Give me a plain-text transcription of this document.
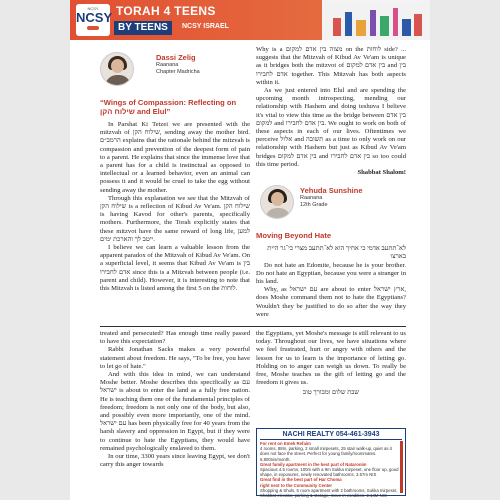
NCSY
NCSY TORAH 4 TEENS
BY TEENS	NCSY ISRAEL
Dassi Zelig
Raanana
Chapter Madricha
“Wings of Compassion: Reflecting on שילוח הקן and Elul”

In Parshat Ki Tetzei we are presented with the mitzvah of שילוח הקן, sending away the mother bird. הרמב״ם explains that the rationale behind the mitzvah is compassion and prevention of the deepest form of pain to a parent. He explains that since the immense love that a parent has for a child is instinctual as opposed to intellectual or a learned behavior, even an animal can possess it and it would be cruel to take the egg without sending away the mother.

Through this explanation we see that the Mitzvah of שילוח הקן is a reflection of Kibud Av Ve'am. שילוח הקן is having Kavod for other's parents, specifically mothers. Furthermore, the Torah explicitly states that these mitzvot have the same reward of long life, למען ייטב לך והארכת ימים.

I believe we can learn a valuable lesson from the apparent paradox of the Mitzvah of Kibud Av Ve'am. On a superficial level, it seems that Kibud Av Ve'am is בין אדם לחבירו since this is a Mitzvah between people (i.e. parent and child). However, it is interesting to note that this Mitzvah is listed among the first 5 on the לוחות.

Why is a מצוה בין אדם למקום on the לוחות side? ... suggests that the Mitzvah of Kibud Av Ve'am is unique as it bridges both the mitzvot of בין אדם למקום and בין אדם לחבירו together. This Mitzvah has both aspects within it.

As we just entered into Elul and are spending the upcoming month introspecting, mending our relationship with Hashem and doing teshuva I believe it's vital to view this time as the bridge between בין אדם למקום and בין אדם לחבירו. We ought to work on both of these aspects in each of our lives. Oftentimes we perceive אלול and תשובה as a time to only work on our relationship with Hashem but just as Kibud Av Ve'am bridges בין אדם למקום and בין אדם לחבירו so too could this time period.

Shabbat Shalom!
Yehuda Sunshine
Raanana
12th Grade
Moving Beyond Hate

לא־תתעב אדמי כי אחיך הוא לא־תתעב מצרי כי־גר היית בארצו

Do not hate an Edomite, because he is your brother. Do not hate an Egyptian, because you were a stranger in his land.

Why, as עם ישראל are about to enter ארץ ישראל, does Moshe command them not to hate the Egyptians? Wouldn't they be justified to do so after the way they were

treated and persecuted? Has enough time really passed to have this expectation?

Rabbi Jonathan Sacks makes a very powerful statement about freedom. He says, "To be free, you have to let go of hate."

And with this idea in mind, we can understand Moshe better. Moshe describes this specifically as עם ישראל is about to enter the land as a fully free nation. He is teaching them one of the fundamental principles of freedom; freedom is not only one of the body, but also, and possibly even more importantly, one of the mind. עם ישראל has been physically free for 40 years from the harsh slavery and oppression in Egypt, but if they were to continue to hate the Egyptians, they would have remained psychologically enslaved to them.

In our time, 3300 years since leaving Egypt, we don't carry this anger towards

the Egyptians, yet Moshe's message is still relevant to us today. Throughout our lives, we have situations where we feel frustrated, hurt or angry with others and the lesson for us to learn is the importance of letting go. Holding on to anger can weigh us down. To really be free, Moshe teaches us the gift of letting go and the freedom it gives us.

שבת שלום ומבורך טוב
NACHI REALTY 054-461-3943
For rent on Emek Refaim
4 rooms, 88m, parking, 2 small mirpesets, 25 stair walk-up, quiet as it does not face the street. Perfect for young family/roommates. 6,800nis/month.
Great family apartment in the best part of Nataronim
Spacious 4.5 rooms, 100m with a 9m Sukka mirpeset, one floor up, good shape, in exposures, newly renovated bathrooms. 3.57m NIS
Great find in the best part of Har Choma
right next to the Community Center
Shopping & Shuls, 5 room apartment with 2 bathrooms, Sukka mirpeset, Shabbat elevator, parking & storage, move in condition. 2.14M NIS
